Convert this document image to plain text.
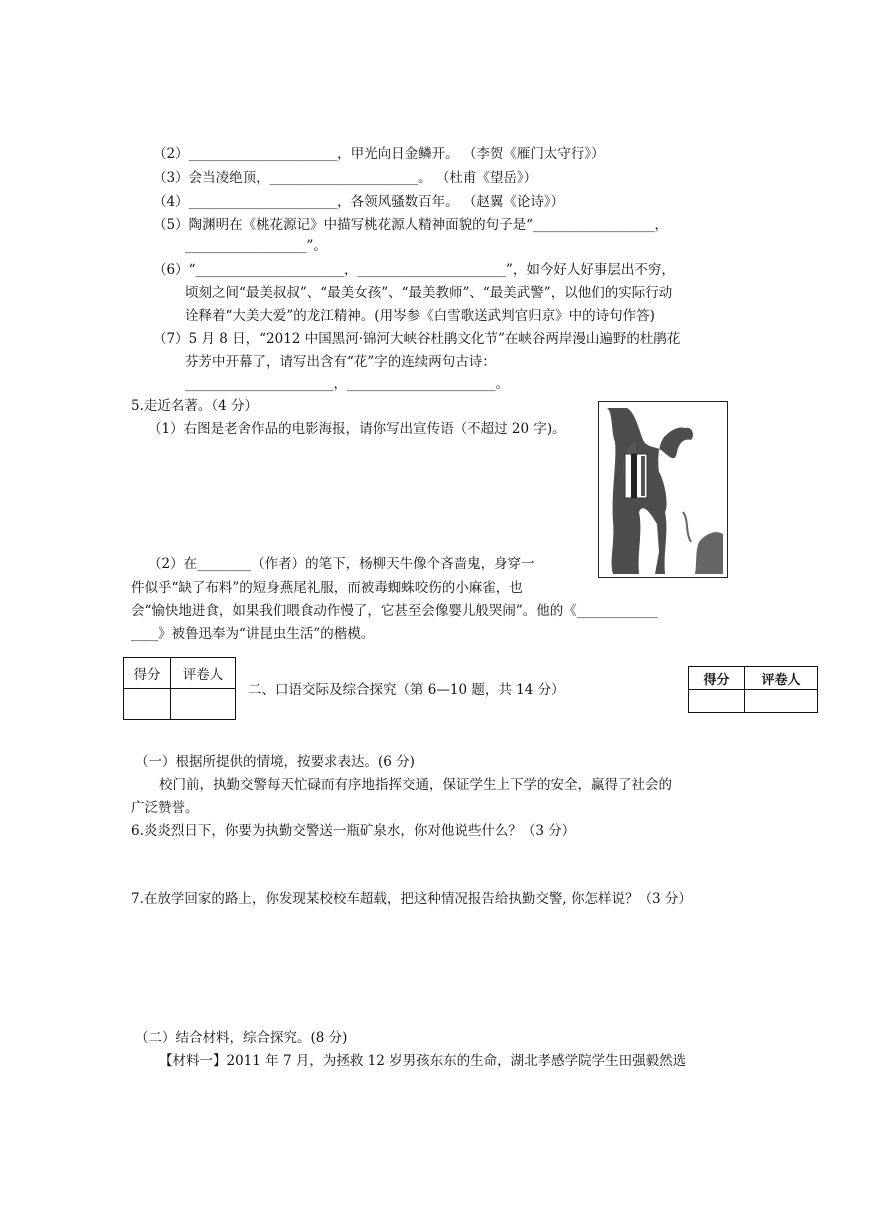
（2）______________________，甲光向日金鳞开。 （李贺《雁门太守行》）
（3）会当凌绝顶，______________________。 （杜甫《望岳》）
（4）______________________，各领风骚数百年。 （赵翼《论诗》）
（5）陶渊明在《桃花源记》中描写桃花源人精神面貌的句子是“__________________，
__________________”。
（6）“______________________，______________________”，如今好人好事层出不穷，
顷刻之间“最美叔叔”、“最美女孩”、“最美教师”、“最美武警”，以他们的实际行动
诠释着“大美大爱”的龙江精神。(用岑参《白雪歌送武判官归京》中的诗句作答)
（7）5 月 8 日，“2012 中国黑河·锦河大峡谷杜鹃文化节”在峡谷两岸漫山遍野的杜鹃花
芬芳中开幕了，请写出含有“花”字的连续两句古诗：
______________________，______________________。
5.走近名著。（4 分）
（1）右图是老舍作品的电影海报，请你写出宣传语（不超过 20 字)。
（2）在________（作者）的笔下，杨柳天牛像个吝啬鬼，身穿一
件似乎“缺了布料”的短身燕尾礼服，而被毒蜘蛛咬伤的小麻雀，也
会“愉快地进食，如果我们喂食动作慢了，它甚至会像婴儿般哭闹”。他的《____________
____》被鲁迅奉为“讲昆虫生活”的楷模。
得分	评卷人

二、口语交际及综合探究（第 6—10 题，共 14 分）
得分	评卷人

（一）根据所提供的情境，按要求表达。(6 分)
校门前，执勤交警每天忙碌而有序地指挥交通，保证学生上下学的安全，赢得了社会的
广泛赞誉。
6.炎炎烈日下，你要为执勤交警送一瓶矿泉水，你对他说些什么？（3 分）
7.在放学回家的路上，你发现某校校车超载，把这种情况报告给执勤交警, 你怎样说？（3 分）
（二）结合材料，综合探究。(8 分)
【材料一】2011 年 7 月，为拯救 12 岁男孩东东的生命，湖北孝感学院学生田强毅然选
